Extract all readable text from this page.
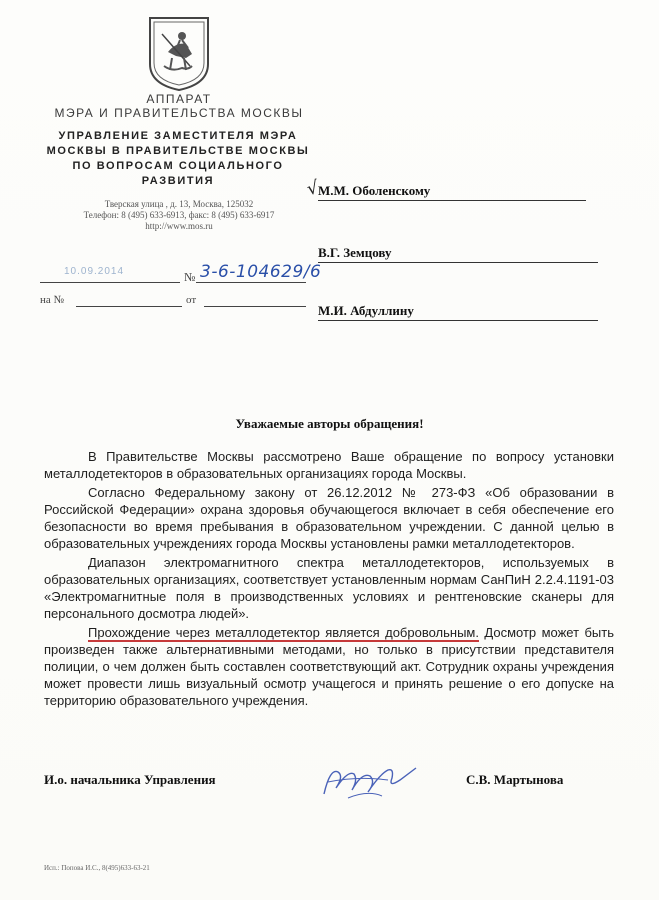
АППАРАТ
МЭРА И ПРАВИТЕЛЬСТВА МОСКВЫ
УПРАВЛЕНИЕ ЗАМЕСТИТЕЛЯ МЭРА
МОСКВЫ В ПРАВИТЕЛЬСТВЕ МОСКВЫ
ПО ВОПРОСАМ СОЦИАЛЬНОГО
РАЗВИТИЯ
Тверская улица , д. 13, Москва, 125032
Телефон: 8 (495) 633-6913, факс: 8 (495) 633-6917
http://www.mos.ru
√
М.М. Оболенскому
В.Г. Земцову
М.И. Абдуллину
10.09.2014	№ 3-6-104629/6
на №	от
Уважаемые авторы обращения!

В Правительстве Москвы рассмотрено Ваше обращение по вопросу установки металлодетекторов в образовательных организациях города Москвы.

Согласно Федеральному закону от 26.12.2012 № 273-ФЗ «Об образовании в Российской Федерации» охрана здоровья обучающегося включает в себя обеспечение его безопасности во время пребывания в образовательном учреждении. С данной целью в образовательных учреждениях города Москвы установлены рамки металлодетекторов.

Диапазон электромагнитного спектра металлодетекторов, используемых в образовательных организациях, соответствует установленным нормам СанПиН 2.2.4.1191-03 «Электромагнитные поля в производственных условиях и рентгеновские сканеры для персонального досмотра людей».

Прохождение через металлодетектор является добровольным. Досмотр может быть произведен также альтернативными методами, но только в присутствии представителя полиции, о чем должен быть составлен соответствующий акт. Сотрудник охраны учреждения может провести лишь визуальный осмотр учащегося и принять решение о его допуске на территорию образовательного учреждения.

И.о. начальника Управления	С.В. Мартынова
Исп.: Попова И.С., 8(495)633-63-21
